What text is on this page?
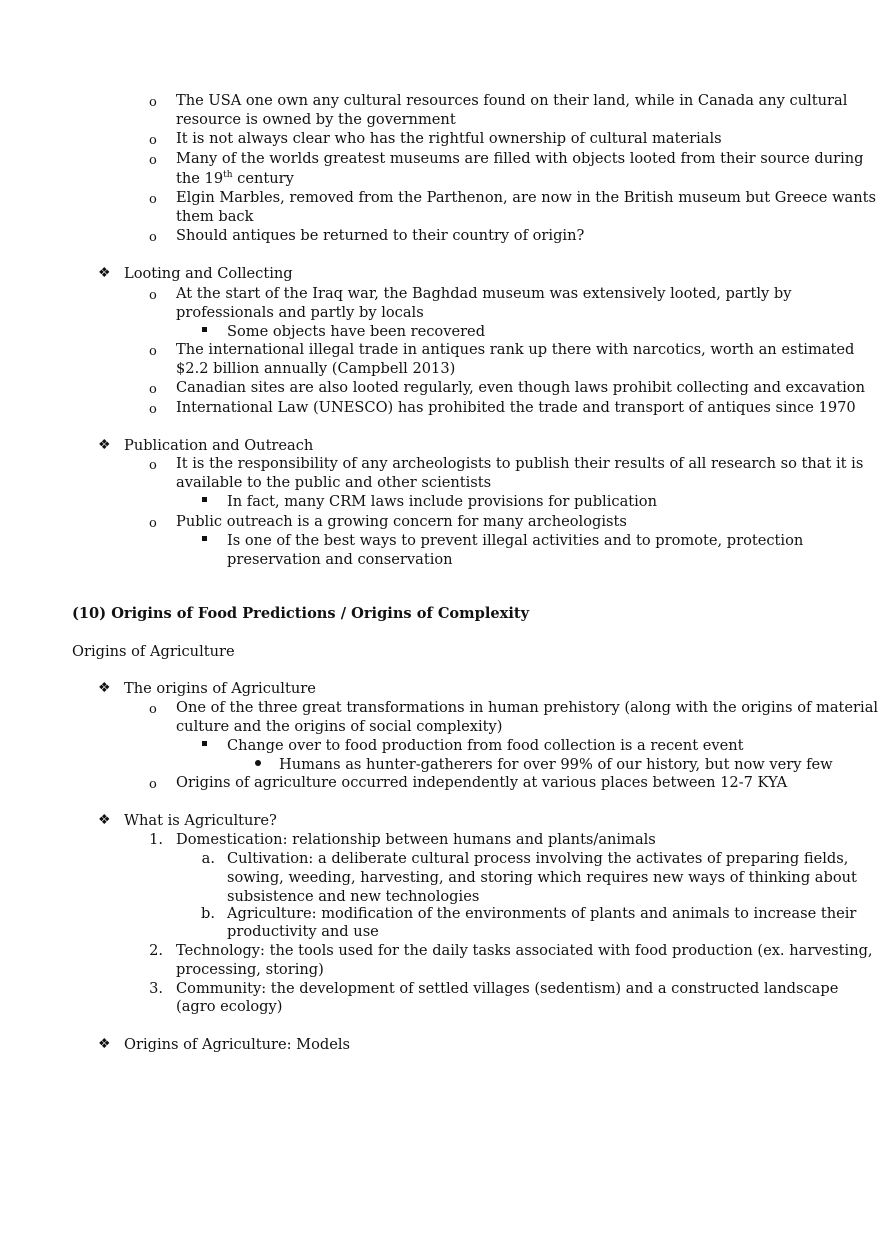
o The USA one own any cultural resources found on their land, while in Canada any cultural
resource is owned by the government
o It is not always clear who has the rightful ownership of cultural materials
o Many of the worlds greatest museums are filled with objects looted from their source during
the 19th century
o Elgin Marbles, removed from the Parthenon, are now in the British museum but Greece wants
them back
o Should antiques be returned to their country of origin?
❖ Looting and Collecting
o At the start of the Iraq war, the Baghdad museum was extensively looted, partly by
professionals and partly by locals
Some objects have been recovered
o The international illegal trade in antiques rank up there with narcotics, worth an estimated
$2.2 billion annually (Campbell 2013)
o Canadian sites are also looted regularly, even though laws prohibit collecting and excavation
o International Law (UNESCO) has prohibited the trade and transport of antiques since 1970
❖ Publication and Outreach
o It is the responsibility of any archeologists to publish their results of all research so that it is
available to the public and other scientists
In fact, many CRM laws include provisions for publication
o Public outreach is a growing concern for many archeologists
Is one of the best ways to prevent illegal activities and to promote, protection
preservation and conservation
(10) Origins of Food Predictions / Origins of Complexity
Origins of Agriculture
❖ The origins of Agriculture
o One of the three great transformations in human prehistory (along with the origins of material
culture and the origins of social complexity)
Change over to food production from food collection is a recent event
Humans as hunter-gatherers for over 99% of our history, but now very few
o Origins of agriculture occurred independently at various places between 12-7 KYA
❖ What is Agriculture?
1. Domestication: relationship between humans and plants/animals
a. Cultivation: a deliberate cultural process involving the activates of preparing fields,
sowing, weeding, harvesting, and storing which requires new ways of thinking about
subsistence and new technologies
b. Agriculture: modification of the environments of plants and animals to increase their
productivity and use
2. Technology: the tools used for the daily tasks associated with food production (ex. harvesting,
processing, storing)
3. Community: the development of settled villages (sedentism) and a constructed landscape
(agro ecology)
❖ Origins of Agriculture: Models
